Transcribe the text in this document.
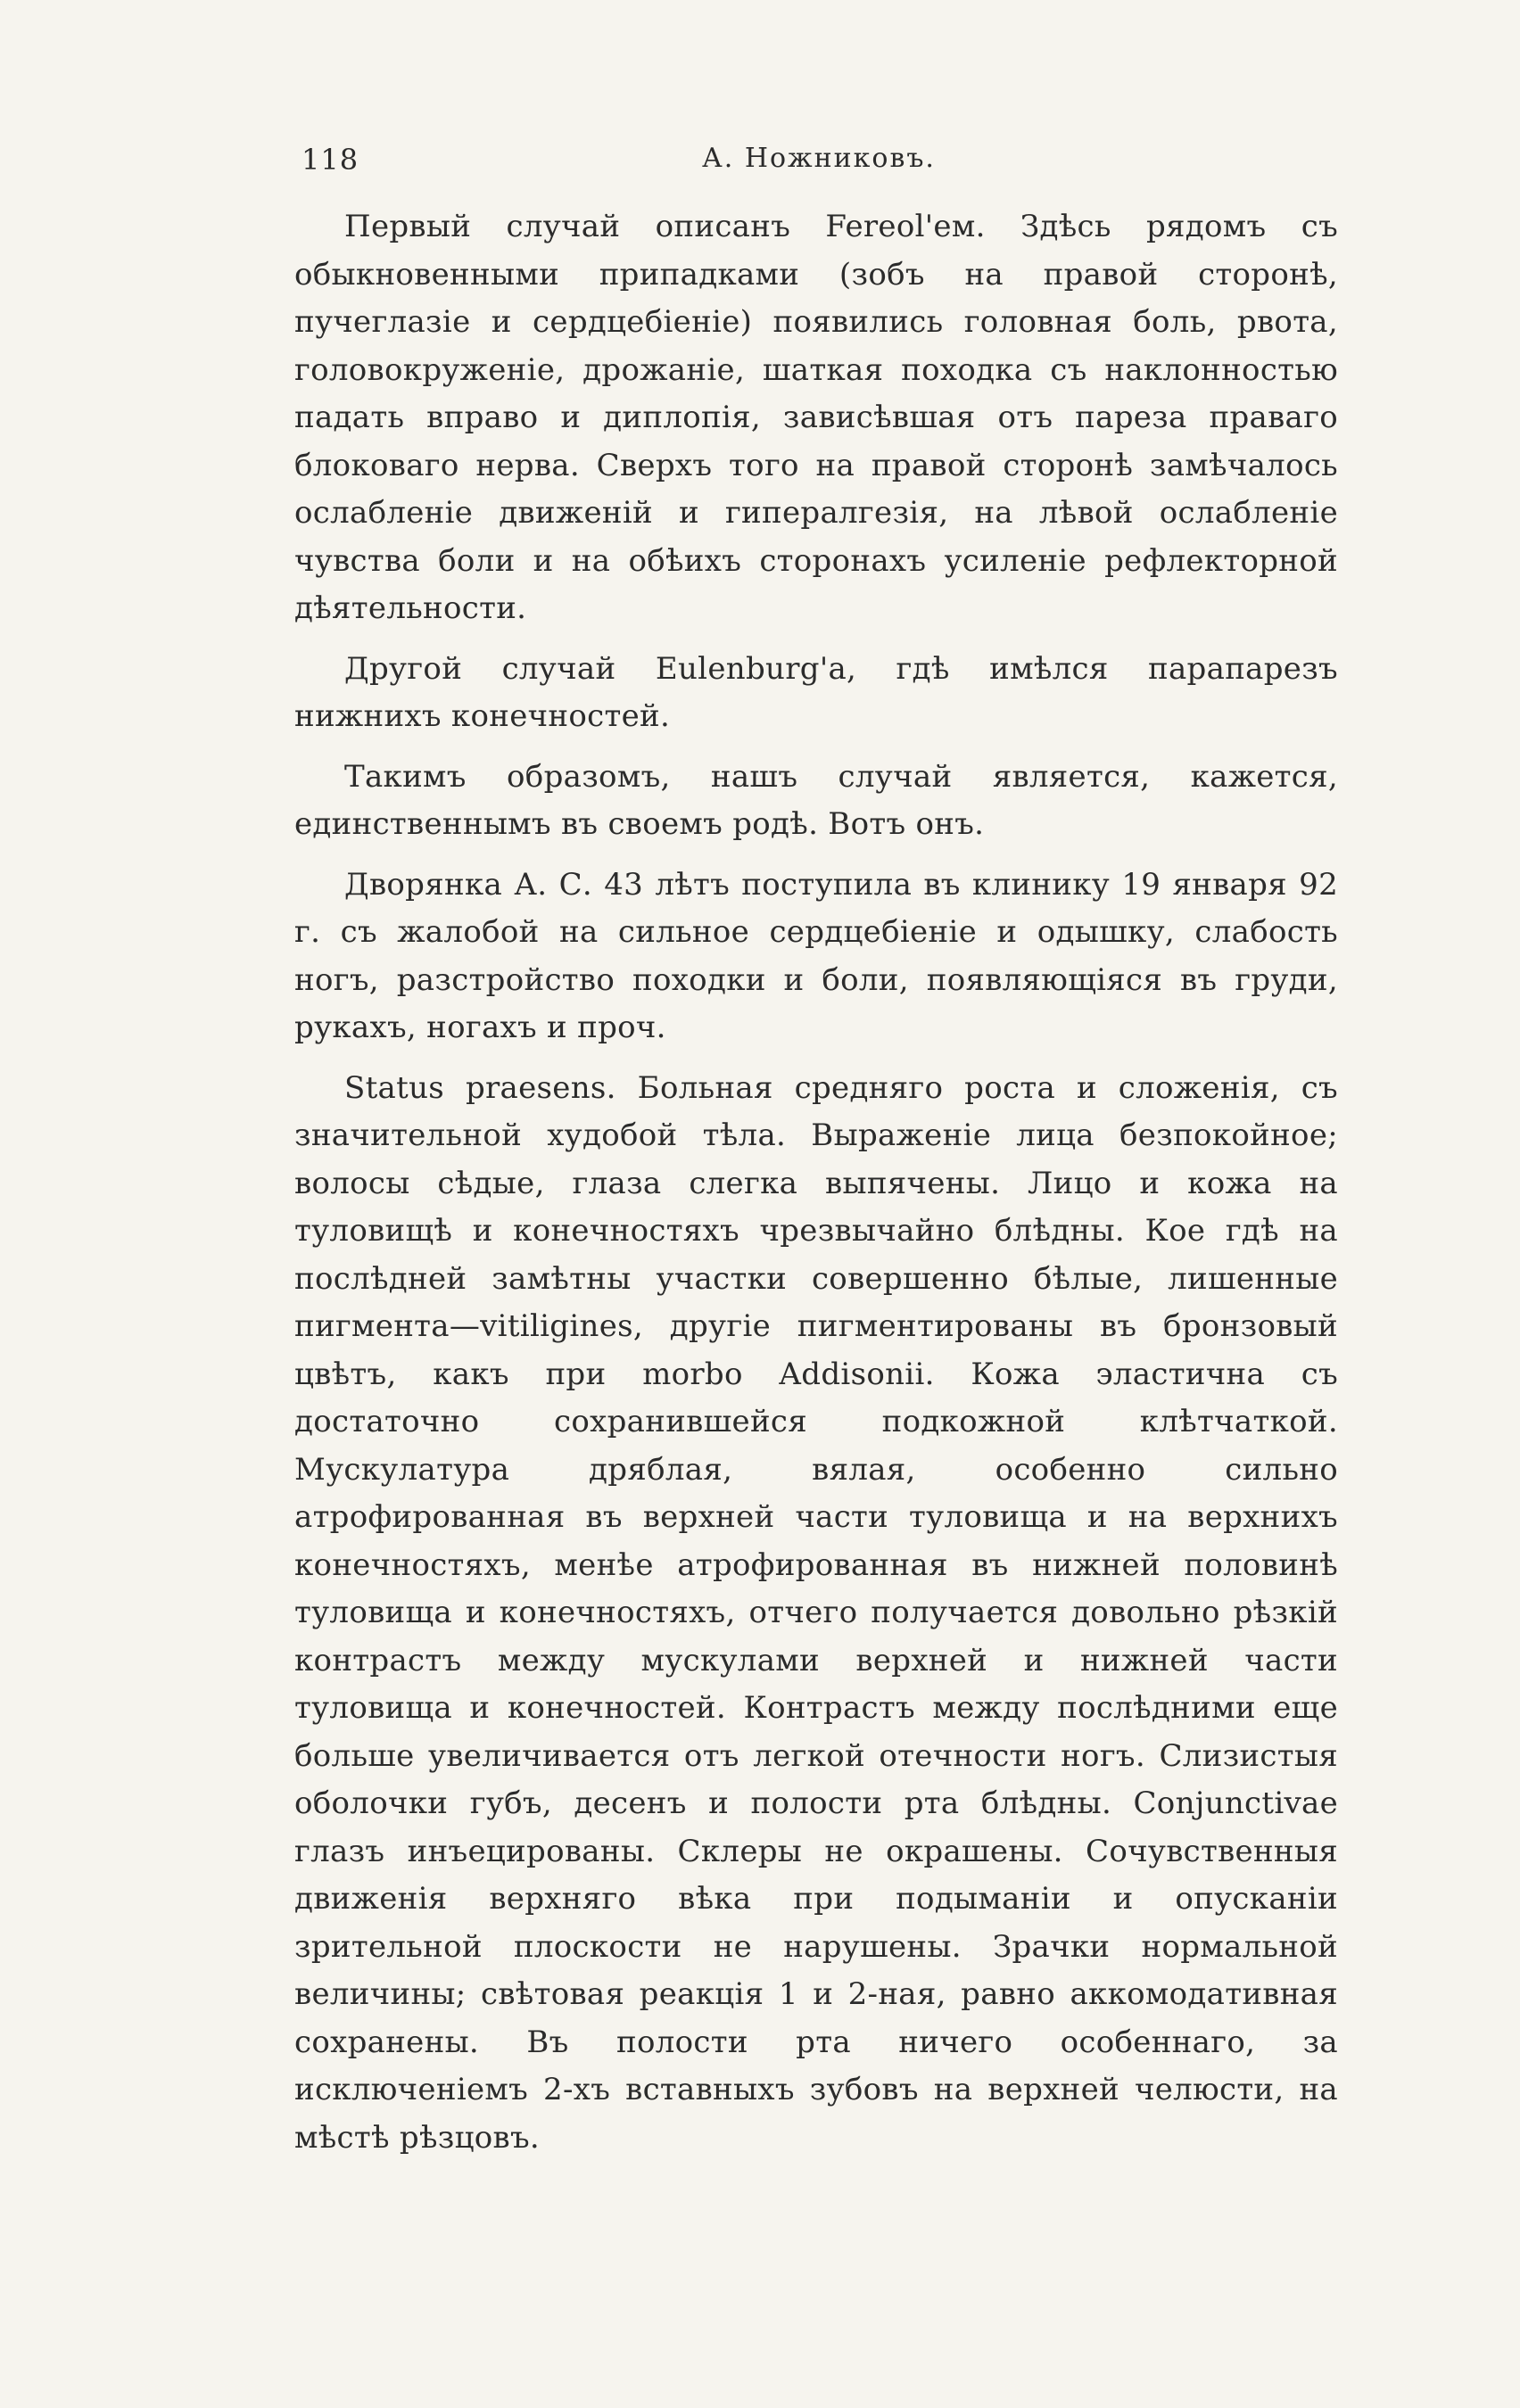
118	А. Ножниковъ.

Первый случай описанъ Fereol'ем. Здѣсь рядомъ съ обыкновенными припадками (зобъ на правой сторонѣ, пучеглазіе и сердцебіеніе) появились головная боль, рвота, головокруженіе, дрожаніе, шаткая походка съ наклонностью падать вправо и диплопія, зависѣвшая отъ пареза праваго блоковаго нерва. Сверхъ того на правой сторонѣ замѣчалось ослабленіе движеній и гипералгезія, на лѣвой ослабленіе чувства боли и на обѣихъ сторонахъ усиленіе рефлекторной дѣятельности.

Другой случай Eulenburg'a, гдѣ имѣлся парапарезъ нижнихъ конечностей.

Такимъ образомъ, нашъ случай является, кажется, единственнымъ въ своемъ родѣ. Вотъ онъ.

Дворянка А. С. 43 лѣтъ поступила въ клинику 19 января 92 г. съ жалобой на сильное сердцебіеніе и одышку, слабость ногъ, разстройство походки и боли, появляющіяся въ груди, рукахъ, ногахъ и проч.

Status praesens. Больная средняго роста и сложенія, съ значительной худобой тѣла. Выраженіе лица безпокойное; волосы сѣдые, глаза слегка выпячены. Лицо и кожа на туловищѣ и конечностяхъ чрезвычайно блѣдны. Кое гдѣ на послѣдней замѣтны участки совершенно бѣлые, лишенные пигмента—vitiligines, другіе пигментированы въ бронзовый цвѣтъ, какъ при morbo Addisonii. Кожа эластична съ достаточно сохранившейся подкожной клѣтчаткой. Мускулатура дряблая, вялая, особенно сильно атрофированная въ верхней части туловища и на верхнихъ конечностяхъ, менѣе атрофированная въ нижней половинѣ туловища и конечностяхъ, отчего получается довольно рѣзкій контрастъ между мускулами верхней и нижней части туловища и конечностей. Контрастъ между послѣдними еще больше увеличивается отъ легкой отечности ногъ. Слизистыя оболочки губъ, десенъ и полости рта блѣдны. Conjunctivae глазъ инъецированы. Склеры не окрашены. Сочувственныя движенія верхняго вѣка при подыманіи и опусканіи зрительной плоскости не нарушены. Зрачки нормальной величины; свѣтовая реакція 1 и 2-ная, равно аккомодативная сохранены. Въ полости рта ничего особеннаго, за исключеніемъ 2-хъ вставныхъ зубовъ на верхней челюсти, на мѣстѣ рѣзцовъ.
